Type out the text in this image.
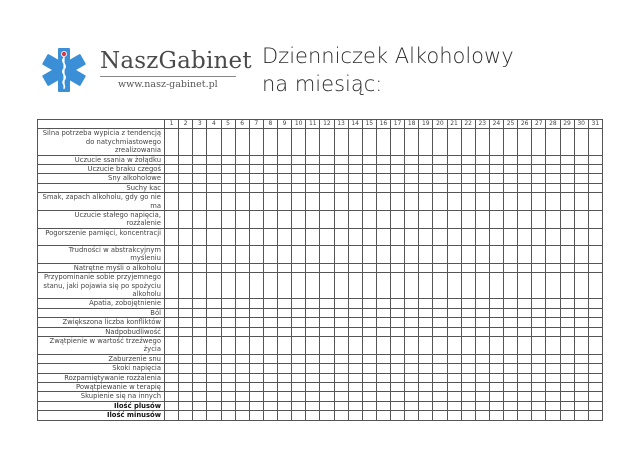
NaszGabinet
www.nasz-gabinet.pl
Dzienniczek Alkoholowy
na miesiąc:
	1	2	3	4	5	6	7	8	9	10	11	12	13	14	15	16	17	18	19	20	21	22	23	24	25	26	27	28	29	30	31
Silna potrzeba wypicia z tendencją do natychmiastowego zrealizowania																															
Uczucie ssania w żołądku																															
Uczucie braku czegoś																															
Sny alkoholowe																															
Suchy kac																															
Smak, zapach alkoholu, gdy go nie ma																															
Uczucie stałego napięcia, rozżalenie																															
Pogorszenie pamięci, koncentracji																															
Trudności w abstrakcyjnym myśleniu																															
Natrętne myśli o alkoholu																															
Przypominanie sobie przyjemnego stanu, jaki pojawia się po spożyciu alkoholu																															
Apatia, zobojętnienie																															
Ból																															
Zwiększona liczba konfliktów																															
Nadpobudliwość																															
Zwątpienie w wartość trzeźwego życia																															
Zaburzenie snu																															
Skoki napięcia																															
Rozpamiętywanie rozżalenia																															
Powątpiewanie w terapię																															
Skupienie się na innych																															
Ilość plusów																															
Ilość minusów																															
